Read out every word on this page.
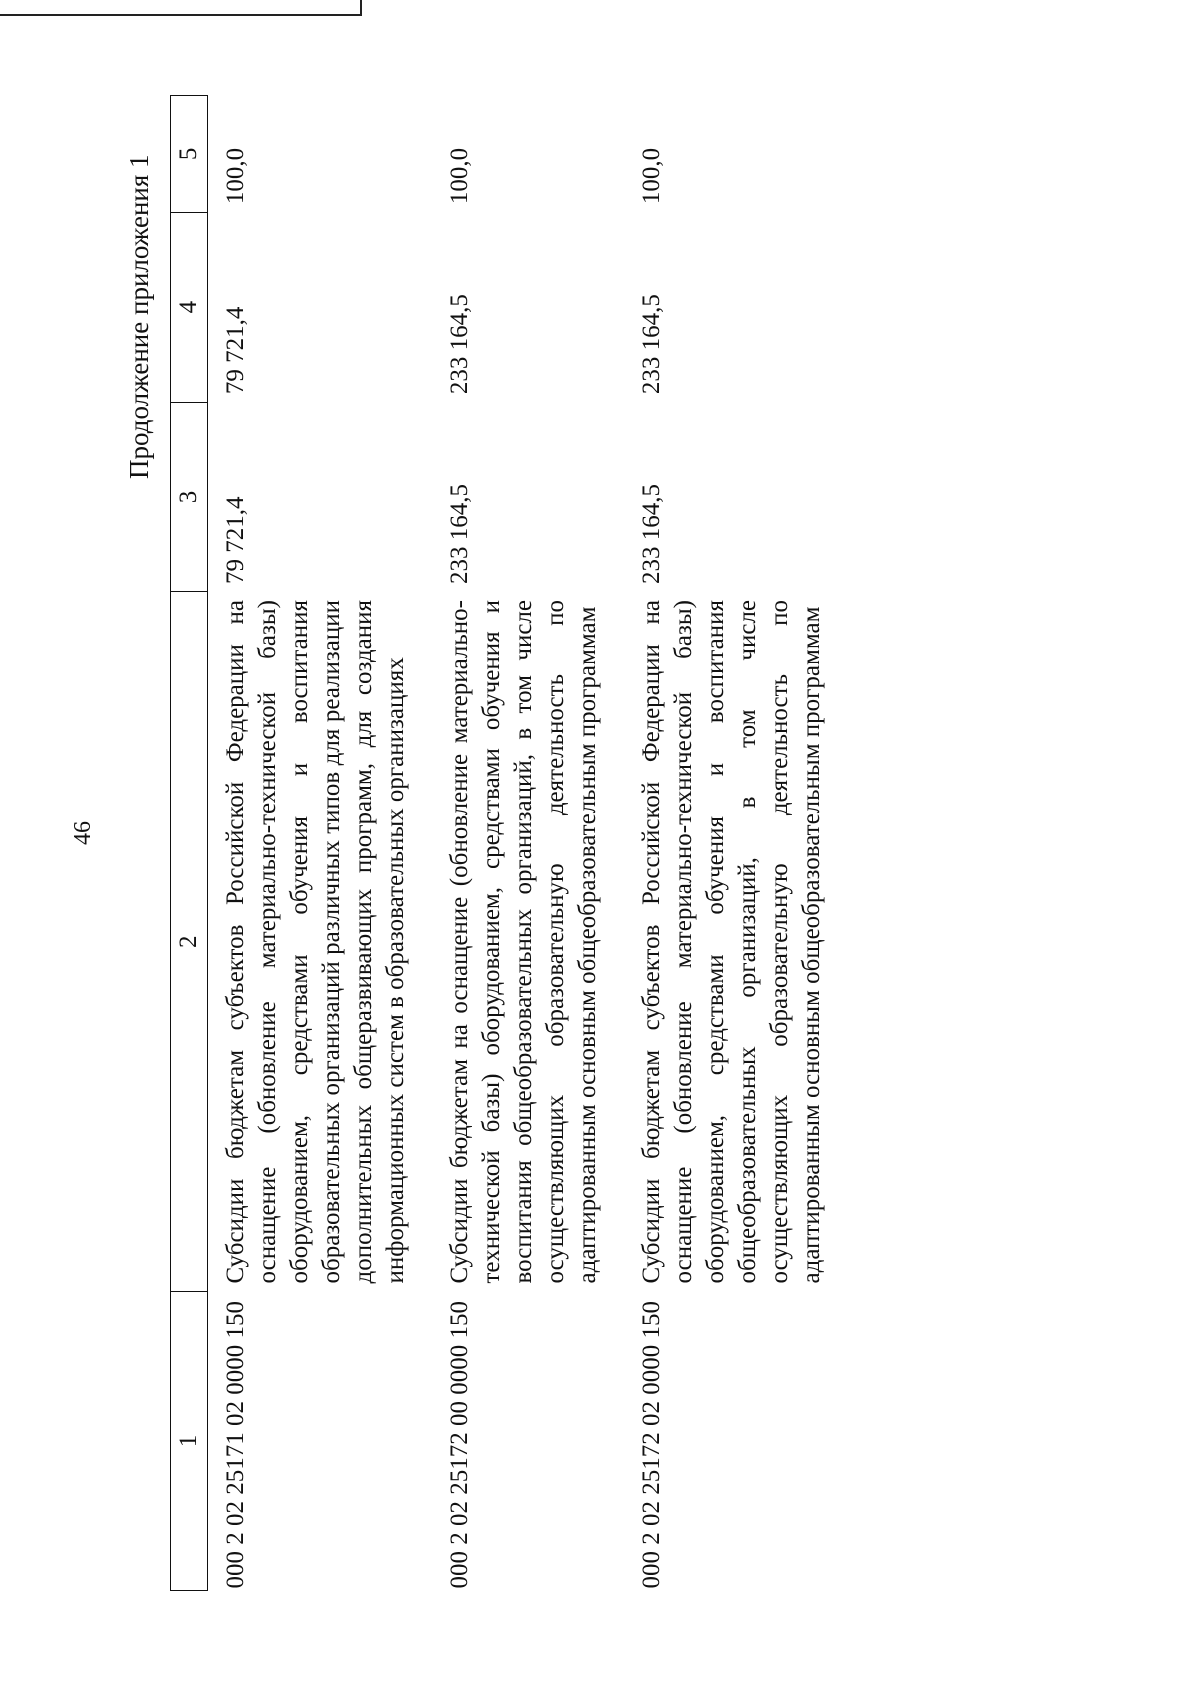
46
Продолжение приложения 1
1	2	3	4	5
000 2 02 25171 02 0000 150	Субсидии бюджетам субъектов Российской Федерации на оснащение (обновление материально-технической базы) оборудованием, средствами обучения и воспитания образовательных организаций различных типов для реализации дополнительных общеразвивающих программ, для создания информационных систем в образовательных организациях	79 721,4	79 721,4	100,0
000 2 02 25172 00 0000 150	Субсидии бюджетам на оснащение (обновление материально-технической базы) оборудованием, средствами обучения и воспитания общеобразовательных организаций, в том числе осуществляющих образовательную деятельность по адаптированным основным общеобразовательным программам	233 164,5	233 164,5	100,0
000 2 02 25172 02 0000 150	Субсидии бюджетам субъектов Российской Федерации на оснащение (обновление материально-технической базы) оборудованием, средствами обучения и воспитания общеобразовательных организаций, в том числе осуществляющих образовательную деятельность по адаптированным основным общеобразовательным программам	233 164,5	233 164,5	100,0
